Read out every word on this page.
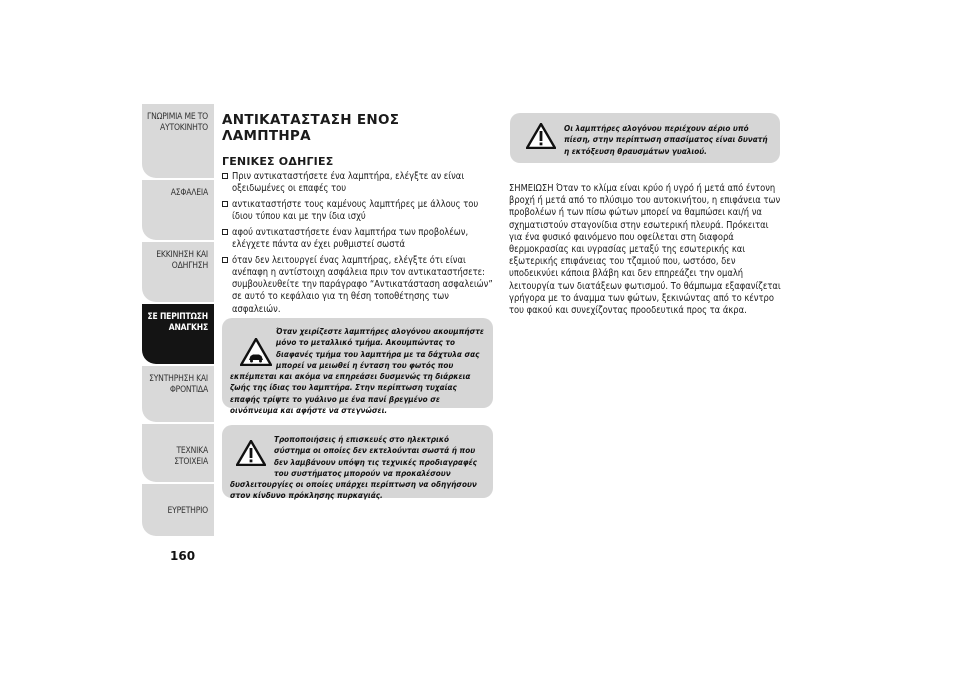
ΓΝΩΡΙΜΙΑ ΜΕ ΤΟ
ΑΥΤΟΚΙΝΗΤΟ
ΑΣΦΑΛΕΙΑ
ΕΚΚΙΝΗΣΗ ΚΑΙ
ΟΔΗΓΗΣΗ
ΣΕ ΠΕΡΙΠΤΩΣΗ
ΑΝΑΓΚΗΣ
ΣΥΝΤΗΡΗΣΗ ΚΑΙ
ΦΡΟΝΤΙΔΑ
ΤΕΧΝΙΚΑ ΣΤΟΙΧΕΙΑ
ΕΥΡΕΤΗΡΙΟ
160
ΑΝΤΙΚΑΤΑΣΤΑΣΗ ΕΝΟΣ
ΛΑΜΠΤΗΡΑ
ΓΕΝΙΚΕΣ ΟΔΗΓΙΕΣ
Πριν αντικαταστήσετε ένα λαμπτήρα, ελέγξτε αν είναι οξειδωμένες οι επαφές του
αντικαταστήστε τους καμένους λαμπτήρες με άλλους του ίδιου τύπου και με την ίδια ισχύ
αφού αντικαταστήσετε έναν λαμπτήρα των προβολέων, ελέγχετε πάντα αν έχει ρυθμιστεί σωστά
όταν δεν λειτουργεί ένας λαμπτήρας, ελέγξτε ότι είναι ανέπαφη η αντίστοιχη ασφάλεια πριν τον αντικαταστήσετε: συμβουλευθείτε την παράγραφο “Αντικατάσταση ασφαλειών” σε αυτό το κεφάλαιο για τη θέση τοποθέτησης των ασφαλειών.
Όταν χειρίζεστε λαμπτήρες αλογόνου ακουμπήστε μόνο το μεταλλικό τμήμα. Ακουμπώντας το διαφανές τμήμα του λαμπτήρα με τα δάχτυλα σας μπορεί να μειωθεί η ένταση του φωτός που εκπέμπεται και ακόμα να επηρεάσει δυσμενώς τη διάρκεια ζωής της ίδιας του λαμπτήρα. Στην περίπτωση τυχαίας επαφής τρίψτε το γυάλινο με ένα πανί βρεγμένο σε οινόπνευμα και αφήστε να στεγνώσει.
Τροποποιήσεις ή επισκευές στο ηλεκτρικό σύστημα οι οποίες δεν εκτελούνται σωστά ή που δεν λαμβάνουν υπόψη τις τεχνικές προδιαγραφές του συστήματος μπορούν να προκαλέσουν δυσλειτουργίες οι οποίες υπάρχει περίπτωση να οδηγήσουν στον κίνδυνο πρόκλησης πυρκαγιάς.
Οι λαμπτήρες αλογόνου περιέχουν αέριο υπό πίεση, στην περίπτωση σπασίματος είναι δυνατή η εκτόξευση θραυσμάτων γυαλιού.
ΣΗΜΕΙΩΣΗ Όταν το κλίμα είναι κρύο ή υγρό ή μετά από έντονη βροχή ή μετά από το πλύσιμο του αυτοκινήτου, η επιφάνεια των προβολέων ή των πίσω φώτων μπορεί να θαμπώσει και/ή να σχηματιστούν σταγονίδια στην εσωτερική πλευρά. Πρόκειται για ένα φυσικό φαινόμενο που οφείλεται στη διαφορά θερμοκρασίας και υγρασίας μεταξύ της εσωτερικής και εξωτερικής επιφάνειας του τζαμιού που, ωστόσο, δεν υποδεικνύει κάποια βλάβη και δεν επηρεάζει την ομαλή λειτουργία των διατάξεων φωτισμού. Το θάμπωμα εξαφανίζεται γρήγορα με το άναμμα των φώτων, ξεκινώντας από το κέντρο του φακού και συνεχίζοντας προοδευτικά προς τα άκρα.
